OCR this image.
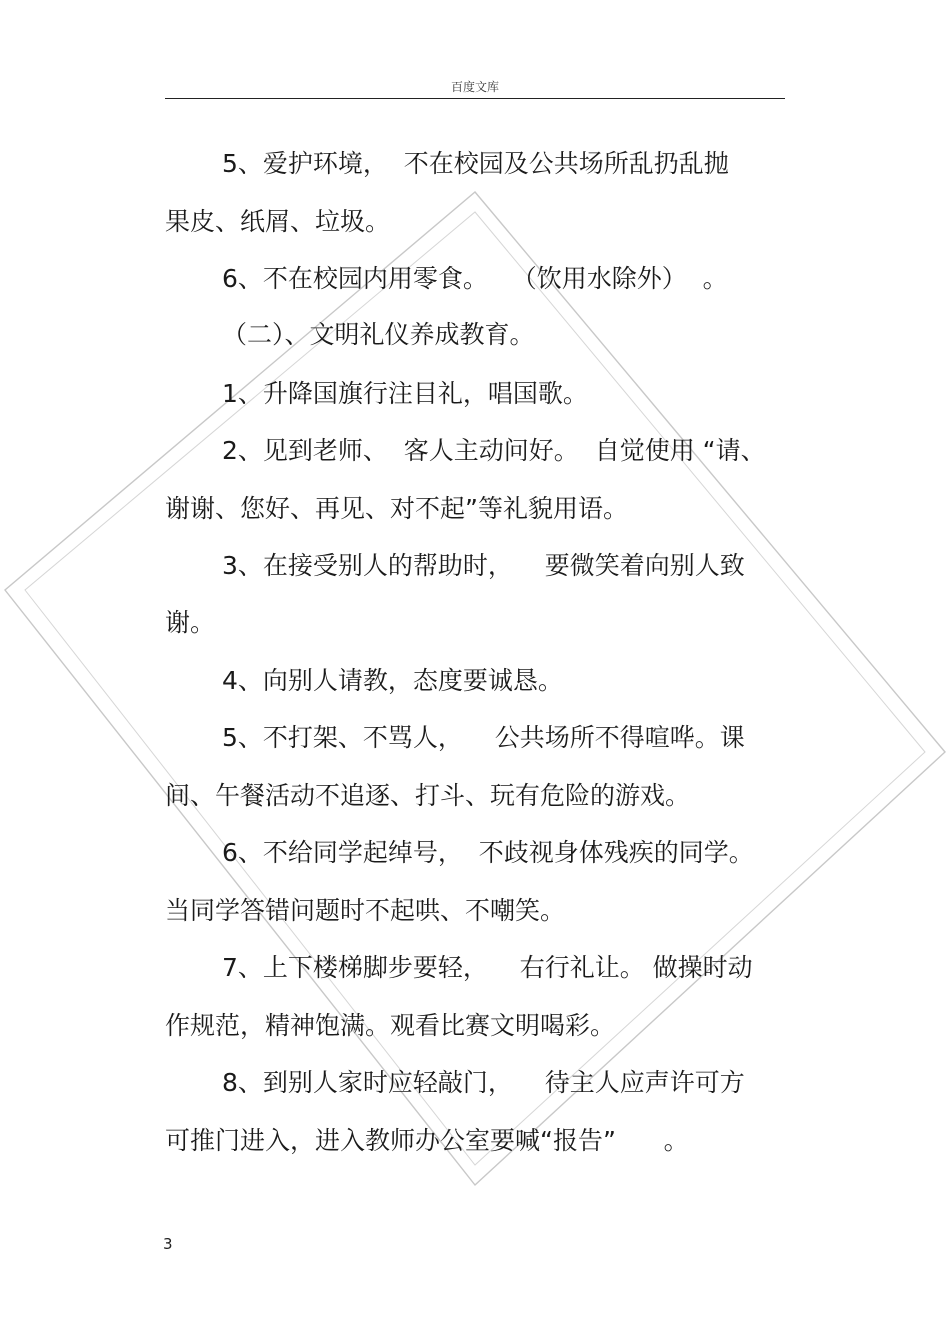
百度文库
5、爱护环境，  不在校园及公共场所乱扔乱抛
果皮、纸屑、垃圾。
6、不在校园内用零食。   （饮用水除外）  。
（二）、文明礼仪养成教育。
1、升降国旗行注目礼，唱国歌。
2、见到老师、  客人主动问好。  自觉使用 “请、
谢谢、您好、再见、对不起”等礼貌用语。
3、在接受别人的帮助时，    要微笑着向别人致
谢。
4、向别人请教，态度要诚恳。
5、不打架、不骂人，    公共场所不得喧哗。课
间、午餐活动不追逐、打斗、玩有危险的游戏。
6、不给同学起绰号，  不歧视身体残疾的同学。
当同学答错问题时不起哄、不嘲笑。
7、上下楼梯脚步要轻，    右行礼让。 做操时动
作规范，精神饱满。观看比赛文明喝彩。
8、到别人家时应轻敲门，    待主人应声许可方
可推门进入，进入教师办公室要喊“报告”      。
3
